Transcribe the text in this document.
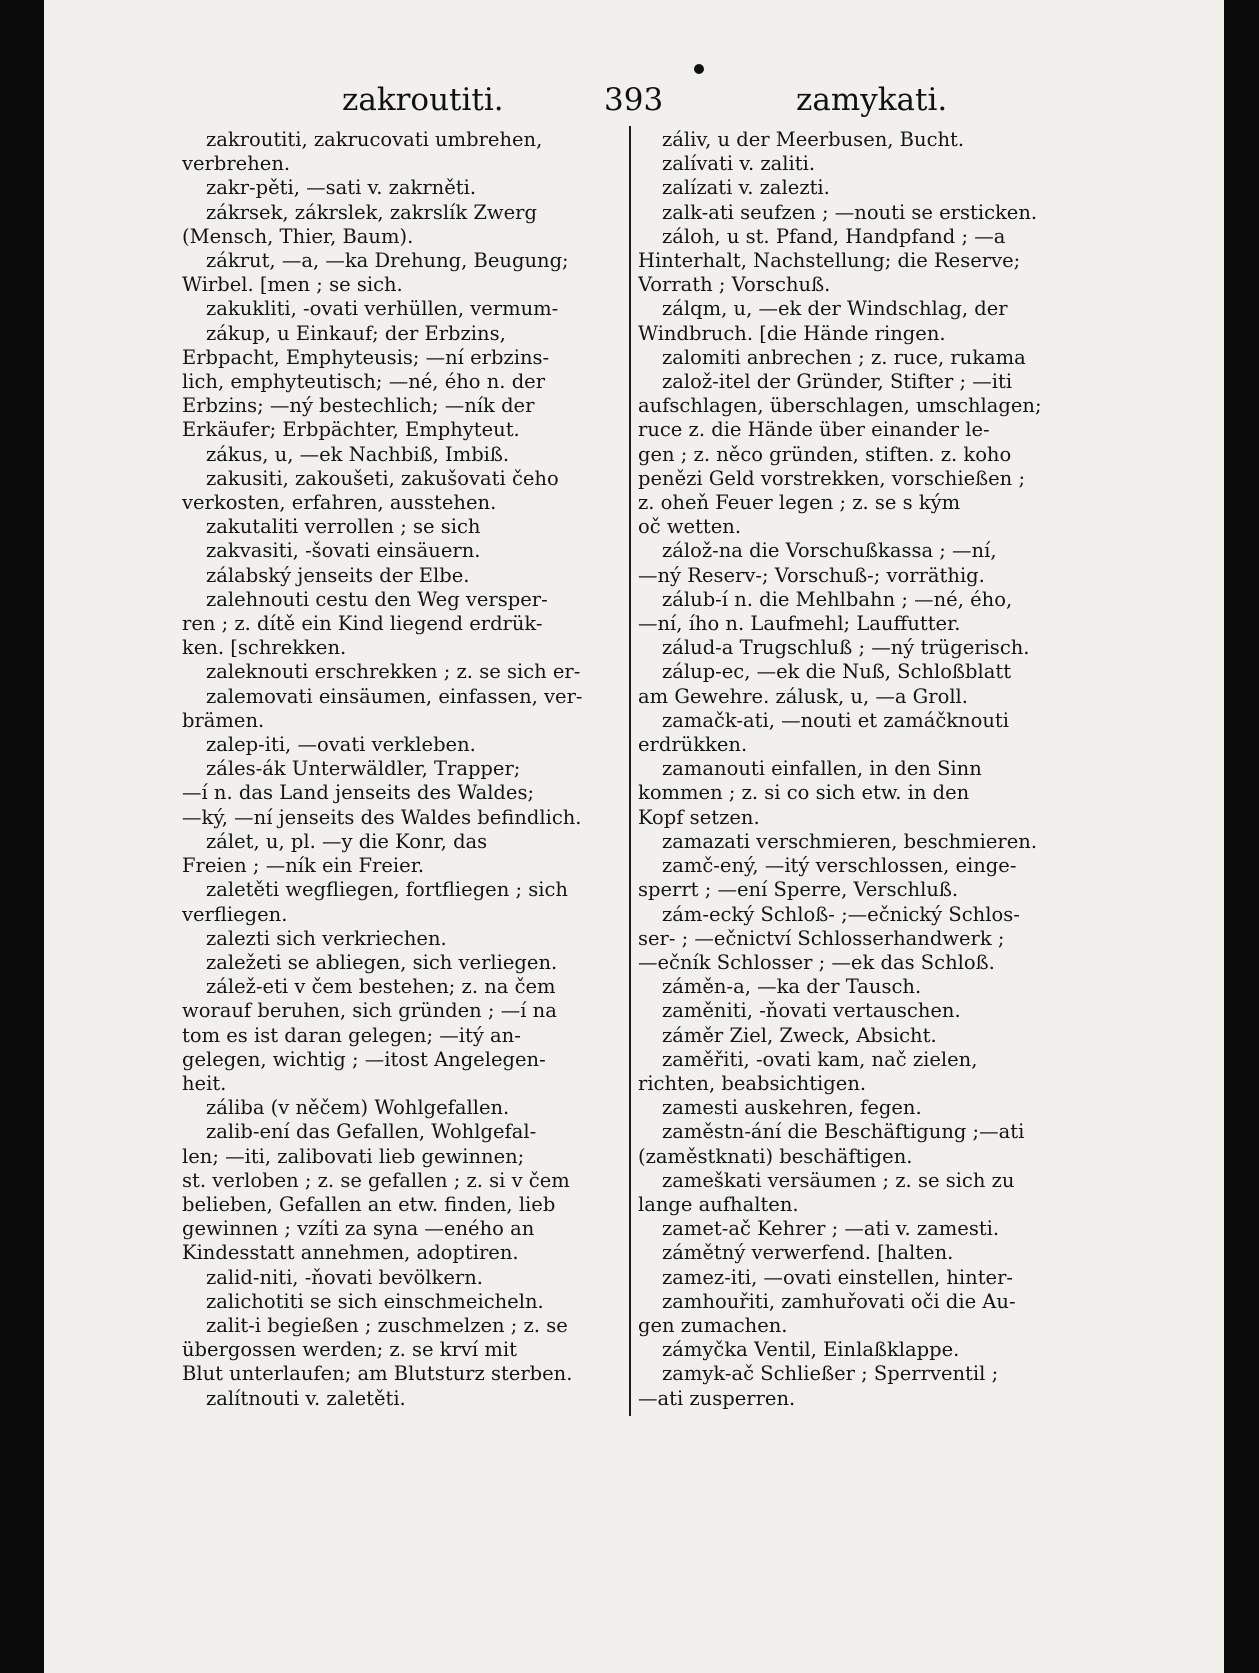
zakroutiti.	393	zamykati.
zakroutiti, zakrucovati umbrehen,
verbrehen.
zakr-pěti, —sati v. zakrněti.
zákrsek, zákrslek, zakrslík Zwerg
(Mensch, Thier, Baum).
zákrut, —a, —ka Drehung, Beugung;
Wirbel. [men ; se sich.
zakukliti, -ovati verhüllen, vermum-
zákup, u Einkauf; der Erbzins,
Erbpacht, Emphyteusis; —ní erbzins-
lich, emphyteutisch; —né, ého n. der
Erbzins; —ný bestechlich; —ník der
Erkäufer; Erbpächter, Emphyteut.
zákus, u, —ek Nachbiß, Imbiß.
zakusiti, zakoušeti, zakušovati čeho
verkosten, erfahren, ausstehen.
zakutaliti verrollen ; se sich
zakvasiti, -šovati einsäuern.
zálabský jenseits der Elbe.
zalehnouti cestu den Weg versper-
ren ; z. dítě ein Kind liegend erdrük-
ken. [schrekken.
zaleknouti erschrekken ; z. se sich er-
zalemovati einsäumen, einfassen, ver-
brämen.
zalep-iti, —ovati verkleben.
záles-ák Unterwäldler, Trapper;
—í n. das Land jenseits des Waldes;
—ký, —ní jenseits des Waldes befindlich.
zálet, u, pl. —y die Konr, das
Freien ; —ník ein Freier.
zaletěti wegfliegen, fortfliegen ; sich
verfliegen.
zalezti sich verkriechen.
zaležeti se abliegen, sich verliegen.
zálež-eti v čem bestehen; z. na čem
worauf beruhen, sich gründen ; —í na
tom es ist daran gelegen; —itý an-
gelegen, wichtig ; —itost Angelegen-
heit.
záliba (v něčem) Wohlgefallen.
zalib-ení das Gefallen, Wohlgefal-
len; —iti, zalibovati lieb gewinnen;
st. verloben ; z. se gefallen ; z. si v čem
belieben, Gefallen an etw. finden, lieb
gewinnen ; vzíti za syna —eného an
Kindesstatt annehmen, adoptiren.
zalid-niti, -ňovati bevölkern.
zalichotiti se sich einschmeicheln.
zalit-i begießen ; zuschmelzen ; z. se
übergossen werden; z. se krví mit
Blut unterlaufen; am Blutsturz sterben.
zalítnouti v. zaletěti.
záliv, u der Meerbusen, Bucht.
zalívati v. zaliti.
zalízati v. zalezti.
zalk-ati seufzen ; —nouti se ersticken.
záloh, u st. Pfand, Handpfand ; —a
Hinterhalt, Nachstellung; die Reserve;
Vorrath ; Vorschuß.
zálqm, u, —ek der Windschlag, der
Windbruch. [die Hände ringen.
zalomiti anbrechen ; z. ruce, rukama
založ-itel der Gründer, Stifter ; —iti
aufschlagen, überschlagen, umschlagen;
ruce z. die Hände über einander le-
gen ; z. něco gründen, stiften. z. koho
penězi Geld vorstrekken, vorschießen ;
z. oheň Feuer legen ; z. se s kým
oč wetten.
zálož-na die Vorschußkassa ; —ní,
—ný Reserv-; Vorschuß-; vorräthig.
zálub-í n. die Mehlbahn ; —né, ého,
—ní, ího n. Laufmehl; Lauffutter.
zálud-a Trugschluß ; —ný trügerisch.
zálup-ec, —ek die Nuß, Schloßblatt
am Gewehre. zálusk, u, —a Groll.
zamačk-ati, —nouti et zamáčknouti
erdrükken.
zamanouti einfallen, in den Sinn
kommen ; z. si co sich etw. in den
Kopf setzen.
zamazati verschmieren, beschmieren.
zamč-ený, —itý verschlossen, einge-
sperrt ; —ení Sperre, Verschluß.
zám-ecký Schloß- ;—ečnický Schlos-
ser- ; —ečnictví Schlosserhandwerk ;
—ečník Schlosser ; —ek das Schloß.
záměn-a, —ka der Tausch.
zaměniti, -ňovati vertauschen.
záměr Ziel, Zweck, Absicht.
zaměřiti, -ovati kam, nač zielen,
richten, beabsichtigen.
zamesti auskehren, fegen.
zaměstn-ání die Beschäftigung ;—ati
(zaměstknati) beschäftigen.
zameškati versäumen ; z. se sich zu
lange aufhalten.
zamet-ač Kehrer ; —ati v. zamesti.
zámětný verwerfend. [halten.
zamez-iti, —ovati einstellen, hinter-
zamhouřiti, zamhuřovati oči die Au-
gen zumachen.
zámyčka Ventil, Einlaßklappe.
zamyk-ač Schließer ; Sperrventil ;
—ati zusperren.
